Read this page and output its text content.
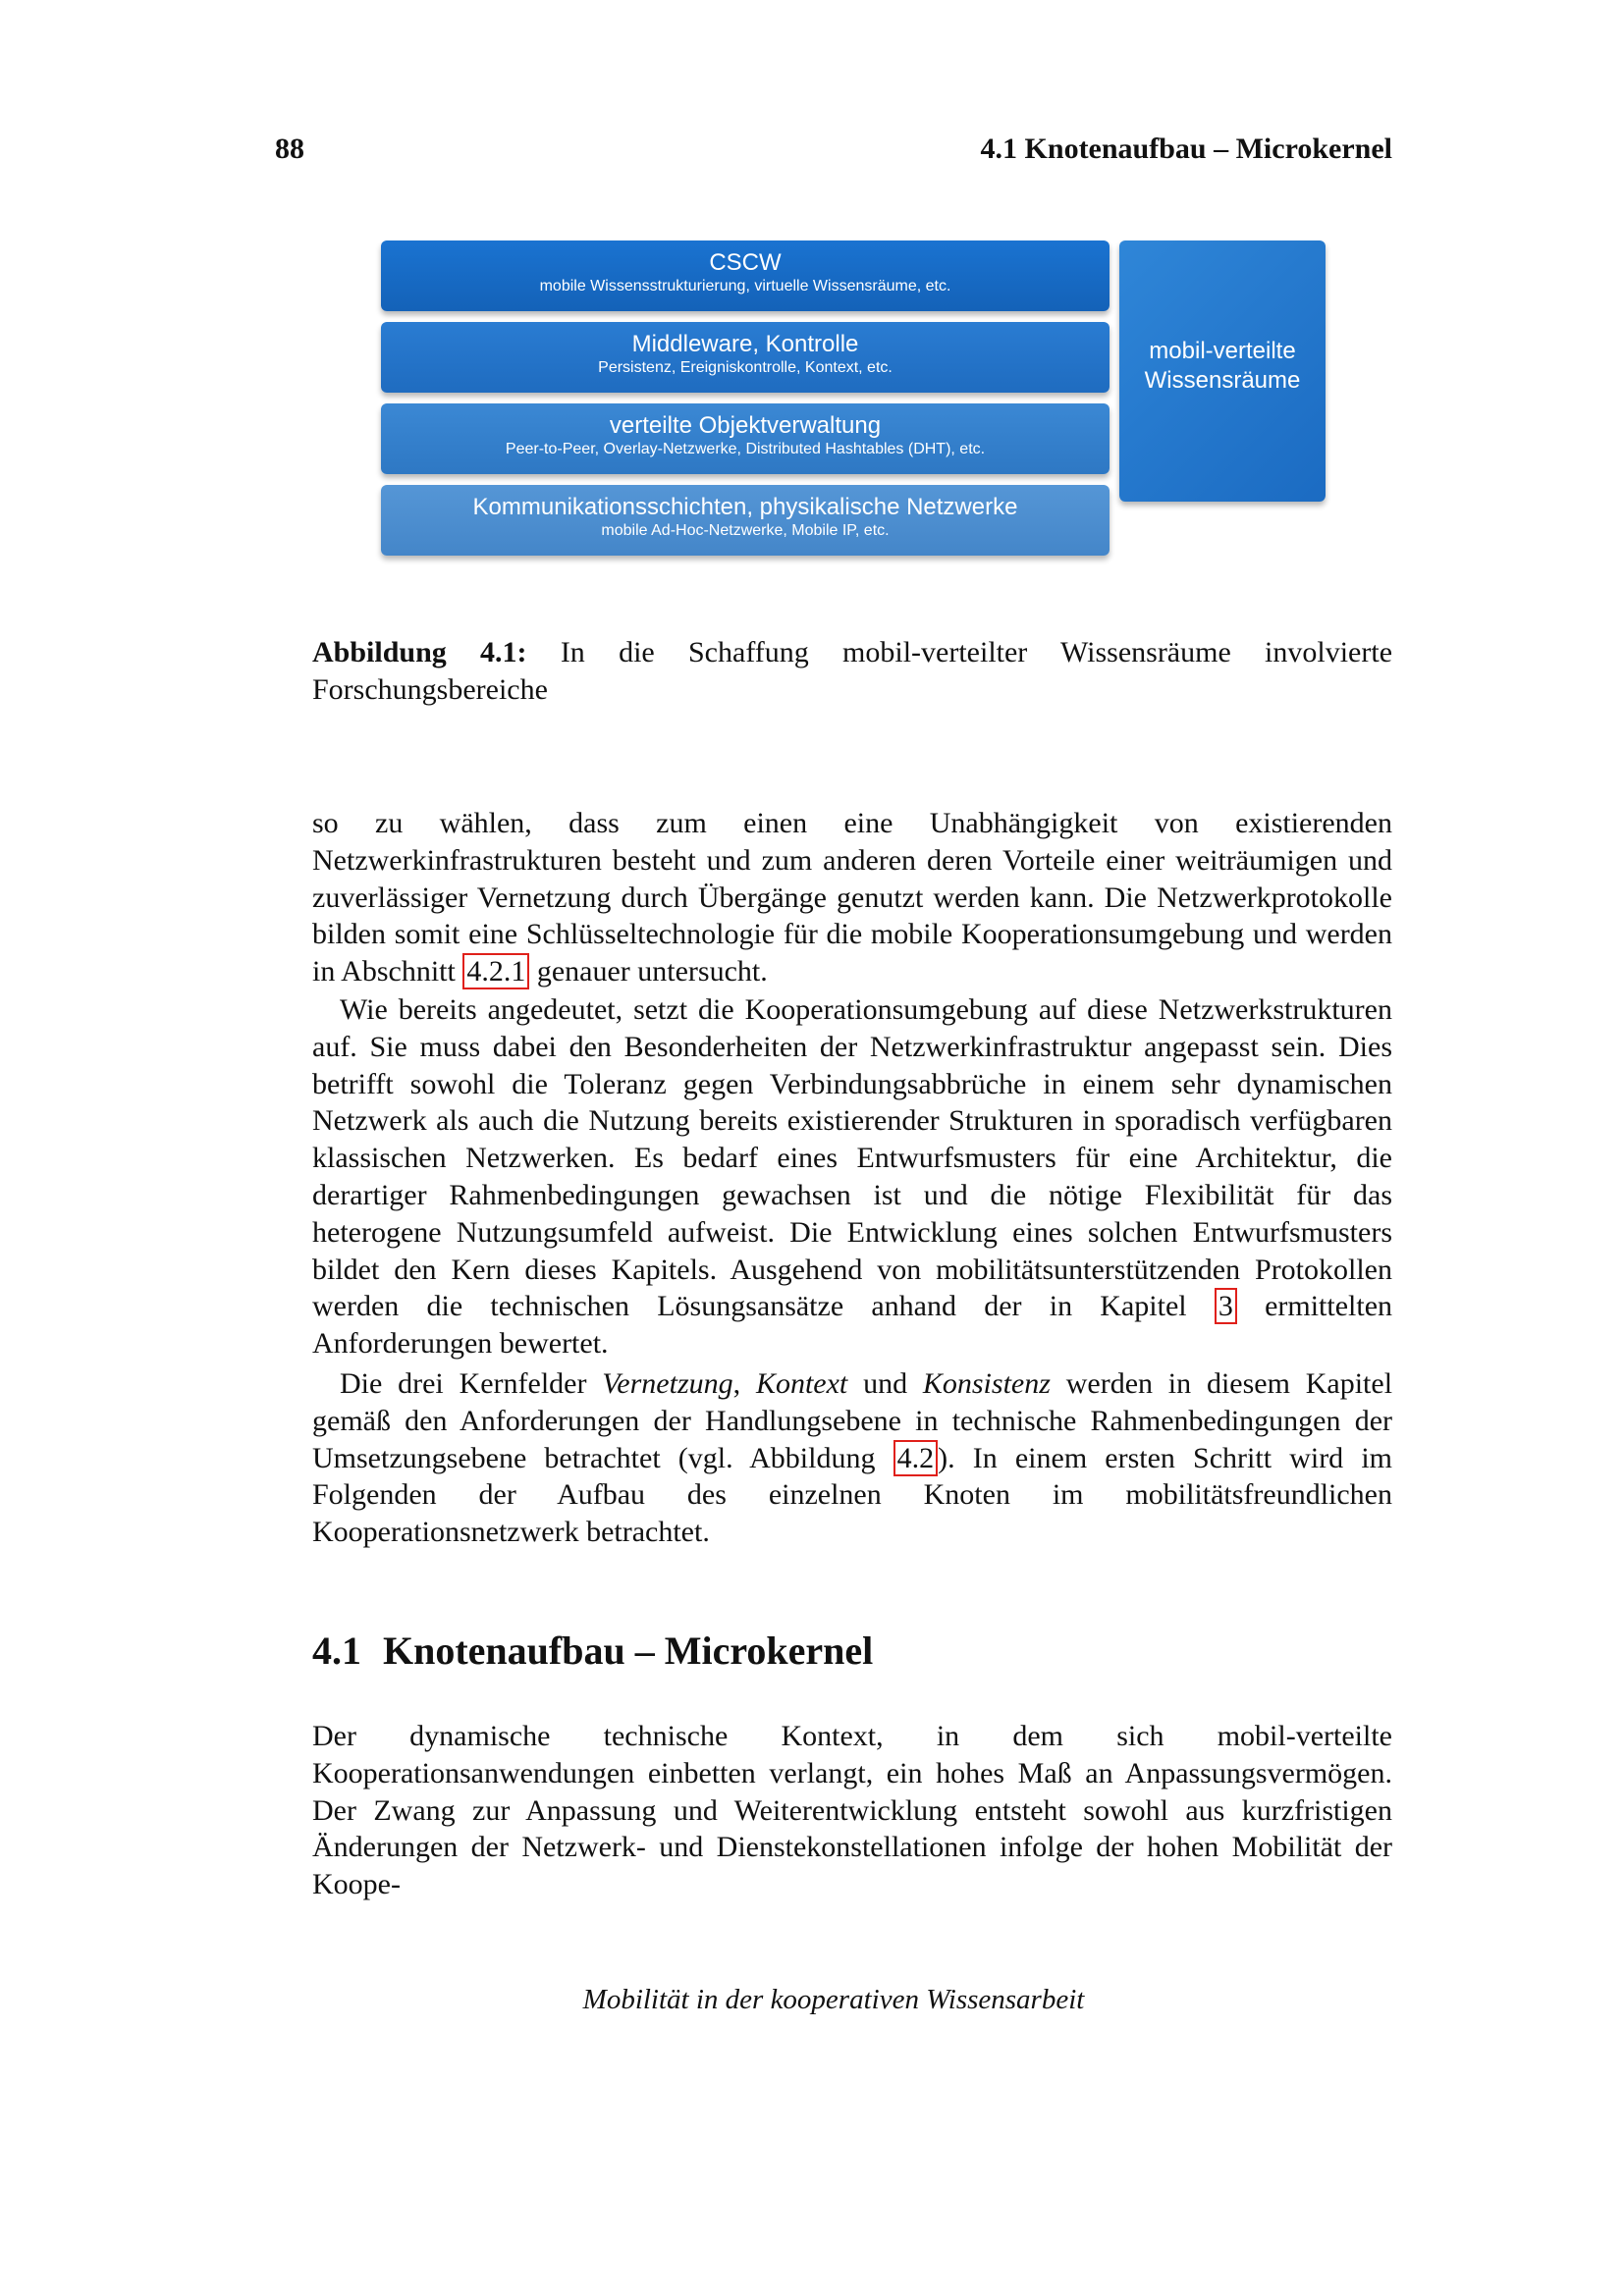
88	4.1 Knotenaufbau – Microkernel
CSCW
mobile Wissensstrukturierung, virtuelle Wissensräume, etc.
Middleware, Kontrolle
Persistenz, Ereigniskontrolle, Kontext, etc.
verteilte Objektverwaltung
Peer-to-Peer, Overlay-Netzwerke, Distributed Hashtables (DHT), etc.
Kommunikationsschichten, physikalische Netzwerke
mobile Ad-Hoc-Netzwerke, Mobile IP, etc.
mobil-verteilte
Wissensräume
Abbildung 4.1: In die Schaffung mobil-verteilter Wissensräume involvierte Forschungsbereiche

so zu wählen, dass zum einen eine Unabhängigkeit von existierenden Netzwerkinfrastrukturen besteht und zum anderen deren Vorteile einer weiträumigen und zuverlässiger Vernetzung durch Übergänge genutzt werden kann. Die Netzwerkprotokolle bilden somit eine Schlüsseltechnologie für die mobile Kooperationsumgebung und werden in Abschnitt 4.2.1 genauer untersucht.

Wie bereits angedeutet, setzt die Kooperationsumgebung auf diese Netzwerkstrukturen auf. Sie muss dabei den Besonderheiten der Netzwerkinfrastruktur angepasst sein. Dies betrifft sowohl die Toleranz gegen Verbindungsabbrüche in einem sehr dynamischen Netzwerk als auch die Nutzung bereits existierender Strukturen in sporadisch verfügbaren klassischen Netzwerken. Es bedarf eines Entwurfsmusters für eine Architektur, die derartiger Rahmenbedingungen gewachsen ist und die nötige Flexibilität für das heterogene Nutzungsumfeld aufweist. Die Entwicklung eines solchen Entwurfsmusters bildet den Kern dieses Kapitels. Ausgehend von mobilitätsunterstützenden Protokollen werden die technischen Lösungsansätze anhand der in Kapitel 3 ermittelten Anforderungen bewertet.

Die drei Kernfelder Vernetzung, Kontext und Konsistenz werden in diesem Kapitel gemäß den Anforderungen der Handlungsebene in technische Rahmenbedingungen der Umsetzungsebene betrachtet (vgl. Abbildung 4.2 ). In einem ersten Schritt wird im Folgenden der Aufbau des einzelnen Knoten im mobilitätsfreundlichen Kooperationsnetzwerk betrachtet.

4.1 Knotenaufbau – Microkernel

Der dynamische technische Kontext, in dem sich mobil-verteilte Kooperationsanwendungen einbetten verlangt, ein hohes Maß an Anpassungsvermögen. Der Zwang zur Anpassung und Weiterentwicklung entsteht sowohl aus kurzfristigen Änderungen der Netzwerk- und Dienstekonstellationen infolge der hohen Mobilität der Koope-

Mobilität in der kooperativen Wissensarbeit
